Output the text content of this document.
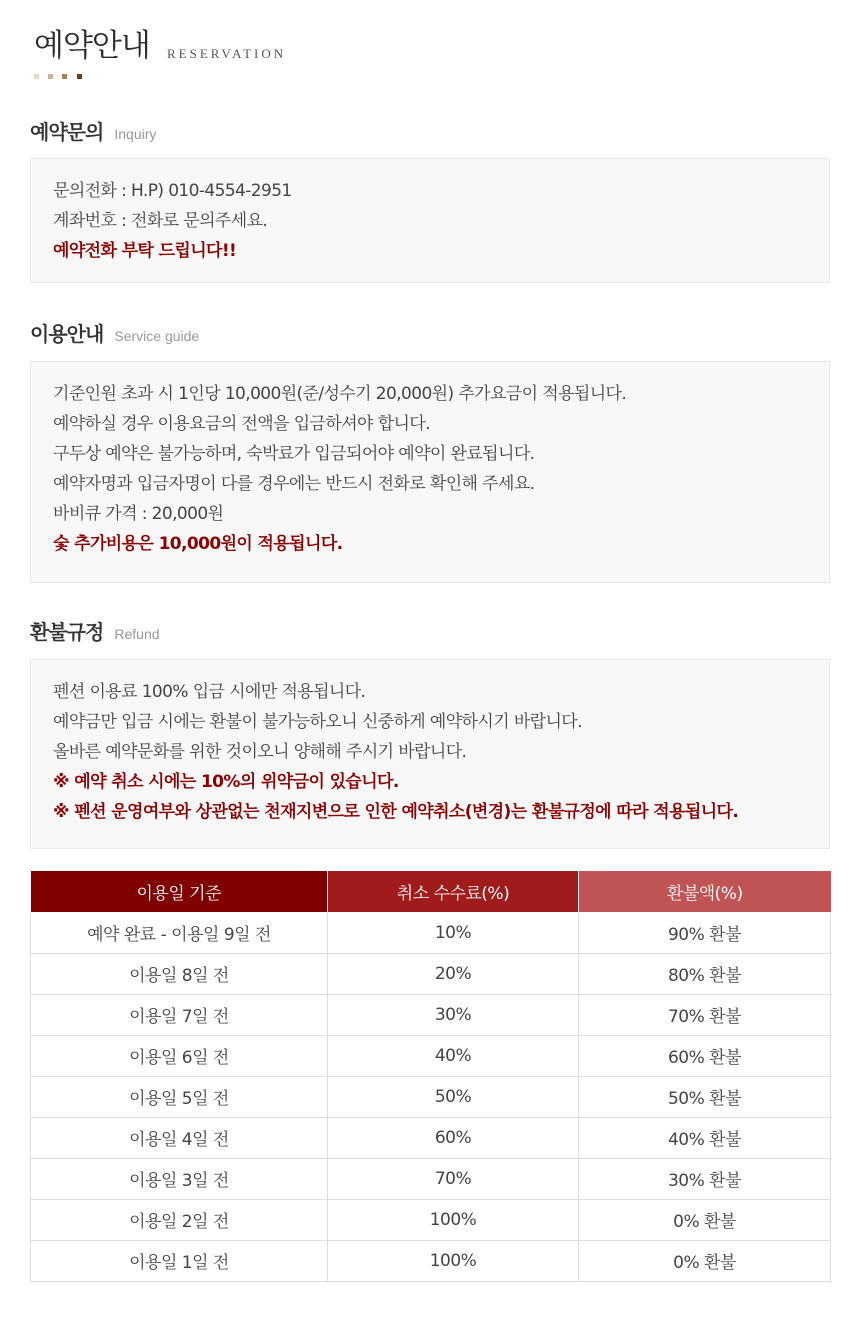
예약안내 RESERVATION
예약문의 Inquiry
문의전화 : H.P) 010-4554-2951
계좌번호 : 전화로 문의주세요.
예약전화 부탁 드립니다!!
이용안내 Service guide
기준인원 초과 시 1인당 10,000원(준/성수기 20,000원) 추가요금이 적용됩니다.
예약하실 경우 이용요금의 전액을 입금하셔야 합니다.
구두상 예약은 불가능하며, 숙박료가 입금되어야 예약이 완료됩니다.
예약자명과 입금자명이 다를 경우에는 반드시 전화로 확인해 주세요.
바비큐 가격 : 20,000원
숯 추가비용은 10,000원이 적용됩니다.
환불규정 Refund
펜션 이용료 100% 입금 시에만 적용됩니다.
예약금만 입금 시에는 환불이 불가능하오니 신중하게 예약하시기 바랍니다.
올바른 예약문화를 위한 것이오니 양해해 주시기 바랍니다.
※ 예약 취소 시에는 10%의 위약금이 있습니다.
※ 펜션 운영여부와 상관없는 천재지변으로 인한 예약취소(변경)는 환불규정에 따라 적용됩니다.
이용일 기준	취소 수수료(%)	환불액(%)
예약 완료 - 이용일 9일 전	10%	90% 환불
이용일 8일 전	20%	80% 환불
이용일 7일 전	30%	70% 환불
이용일 6일 전	40%	60% 환불
이용일 5일 전	50%	50% 환불
이용일 4일 전	60%	40% 환불
이용일 3일 전	70%	30% 환불
이용일 2일 전	100%	0% 환불
이용일 1일 전	100%	0% 환불
